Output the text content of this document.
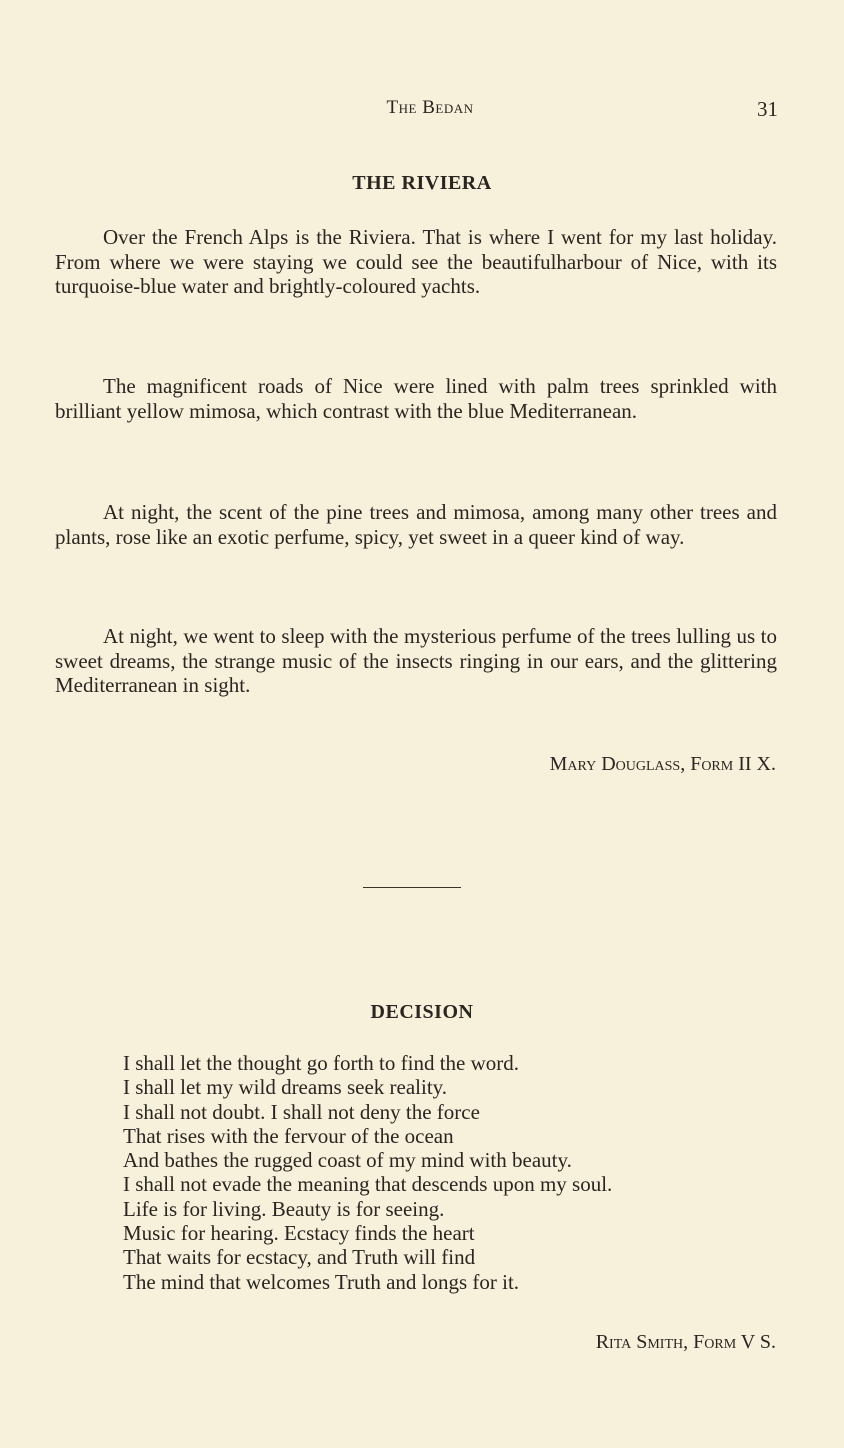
The Bedan	31
THE RIVIERA

Over the French Alps is the Riviera. That is where I went for my last holiday. From where we were staying we could see the beautifulharbour of Nice, with its turquoise-blue water and brightly-coloured yachts.

The magnificent roads of Nice were lined with palm trees sprinkled with brilliant yellow mimosa, which contrast with the blue Mediterranean.

At night, the scent of the pine trees and mimosa, among many other trees and plants, rose like an exotic perfume, spicy, yet sweet in a queer kind of way.

At night, we went to sleep with the mysterious perfume of the trees lulling us to sweet dreams, the strange music of the insects ringing in our ears, and the glittering Mediterranean in sight.

Mary Douglass, Form II X.
DECISION

I shall let the thought go forth to find the word.

I shall let my wild dreams seek reality.

I shall not doubt. I shall not deny the force

That rises with the fervour of the ocean

And bathes the rugged coast of my mind with beauty.

I shall not evade the meaning that descends upon my soul.

Life is for living. Beauty is for seeing.

Music for hearing. Ecstacy finds the heart

That waits for ecstacy, and Truth will find

The mind that welcomes Truth and longs for it.

Rita Smith, Form V S.
